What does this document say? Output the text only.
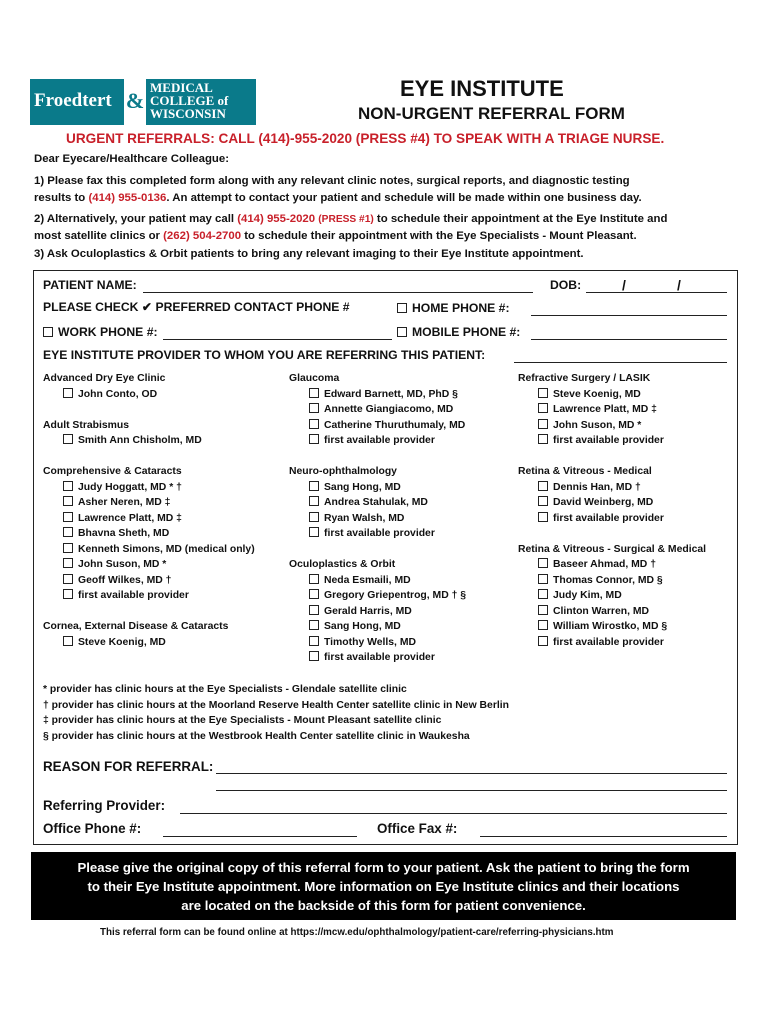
Froedtert &
MEDICAL
COLLEGE of
WISCONSIN
EYE INSTITUTE
NON-URGENT REFERRAL FORM
URGENT REFERRALS: CALL (414)-955-2020 (PRESS #4) TO SPEAK WITH A TRIAGE NURSE.
Dear Eyecare/Healthcare Colleague:
1) Please fax this completed form along with any relevant clinic notes, surgical reports, and diagnostic testing
results to (414) 955-0136. An attempt to contact your patient and schedule will be made within one business day.
2) Alternatively, your patient may call (414) 955-2020 (PRESS #1) to schedule their appointment at the Eye Institute and
most satellite clinics or (262) 504-2700 to schedule their appointment with the Eye Specialists - Mount Pleasant.
3) Ask Oculoplastics & Orbit patients to bring any relevant imaging to their Eye Institute appointment.
PATIENT NAME:	DOB:	/	/
PLEASE CHECK ✔ PREFERRED CONTACT PHONE #	HOME PHONE #:
WORK PHONE #:	MOBILE PHONE #:
EYE INSTITUTE PROVIDER TO WHOM YOU ARE REFERRING THIS PATIENT:
Advanced Dry Eye Clinic
John Conto, OD
Adult Strabismus
Smith Ann Chisholm, MD
Comprehensive & Cataracts
Judy Hoggatt, MD * †
Asher Neren, MD ‡
Lawrence Platt, MD ‡
Bhavna Sheth, MD
Kenneth Simons, MD (medical only)
John Suson, MD *
Geoff Wilkes, MD †
first available provider
Cornea, External Disease & Cataracts
Steve Koenig, MD
Glaucoma
Edward Barnett, MD, PhD §
Annette Giangiacomo, MD
Catherine Thuruthumaly, MD
first available provider
Neuro-ophthalmology
Sang Hong, MD
Andrea Stahulak, MD
Ryan Walsh, MD
first available provider
Oculoplastics & Orbit
Neda Esmaili, MD
Gregory Griepentrog, MD † §
Gerald Harris, MD
Sang Hong, MD
Timothy Wells, MD
first available provider
Refractive Surgery / LASIK
Steve Koenig, MD
Lawrence Platt, MD ‡
John Suson, MD *
first available provider
Retina & Vitreous - Medical
Dennis Han, MD †
David Weinberg, MD
first available provider
Retina & Vitreous - Surgical & Medical
Baseer Ahmad, MD †
Thomas Connor, MD §
Judy Kim, MD
Clinton Warren, MD
William Wirostko, MD §
first available provider
* provider has clinic hours at the Eye Specialists - Glendale satellite clinic
† provider has clinic hours at the Moorland Reserve Health Center satellite clinic in New Berlin
‡ provider has clinic hours at the Eye Specialists - Mount Pleasant satellite clinic
§ provider has clinic hours at the Westbrook Health Center satellite clinic in Waukesha
REASON FOR REFERRAL:
Referring Provider:
Office Phone #:	Office Fax #:
Please give the original copy of this referral form to your patient. Ask the patient to bring the form
to their Eye Institute appointment. More information on Eye Institute clinics and their locations
are located on the backside of this form for patient convenience.
This referral form can be found online at https://mcw.edu/ophthalmology/patient-care/referring-physicians.htm
